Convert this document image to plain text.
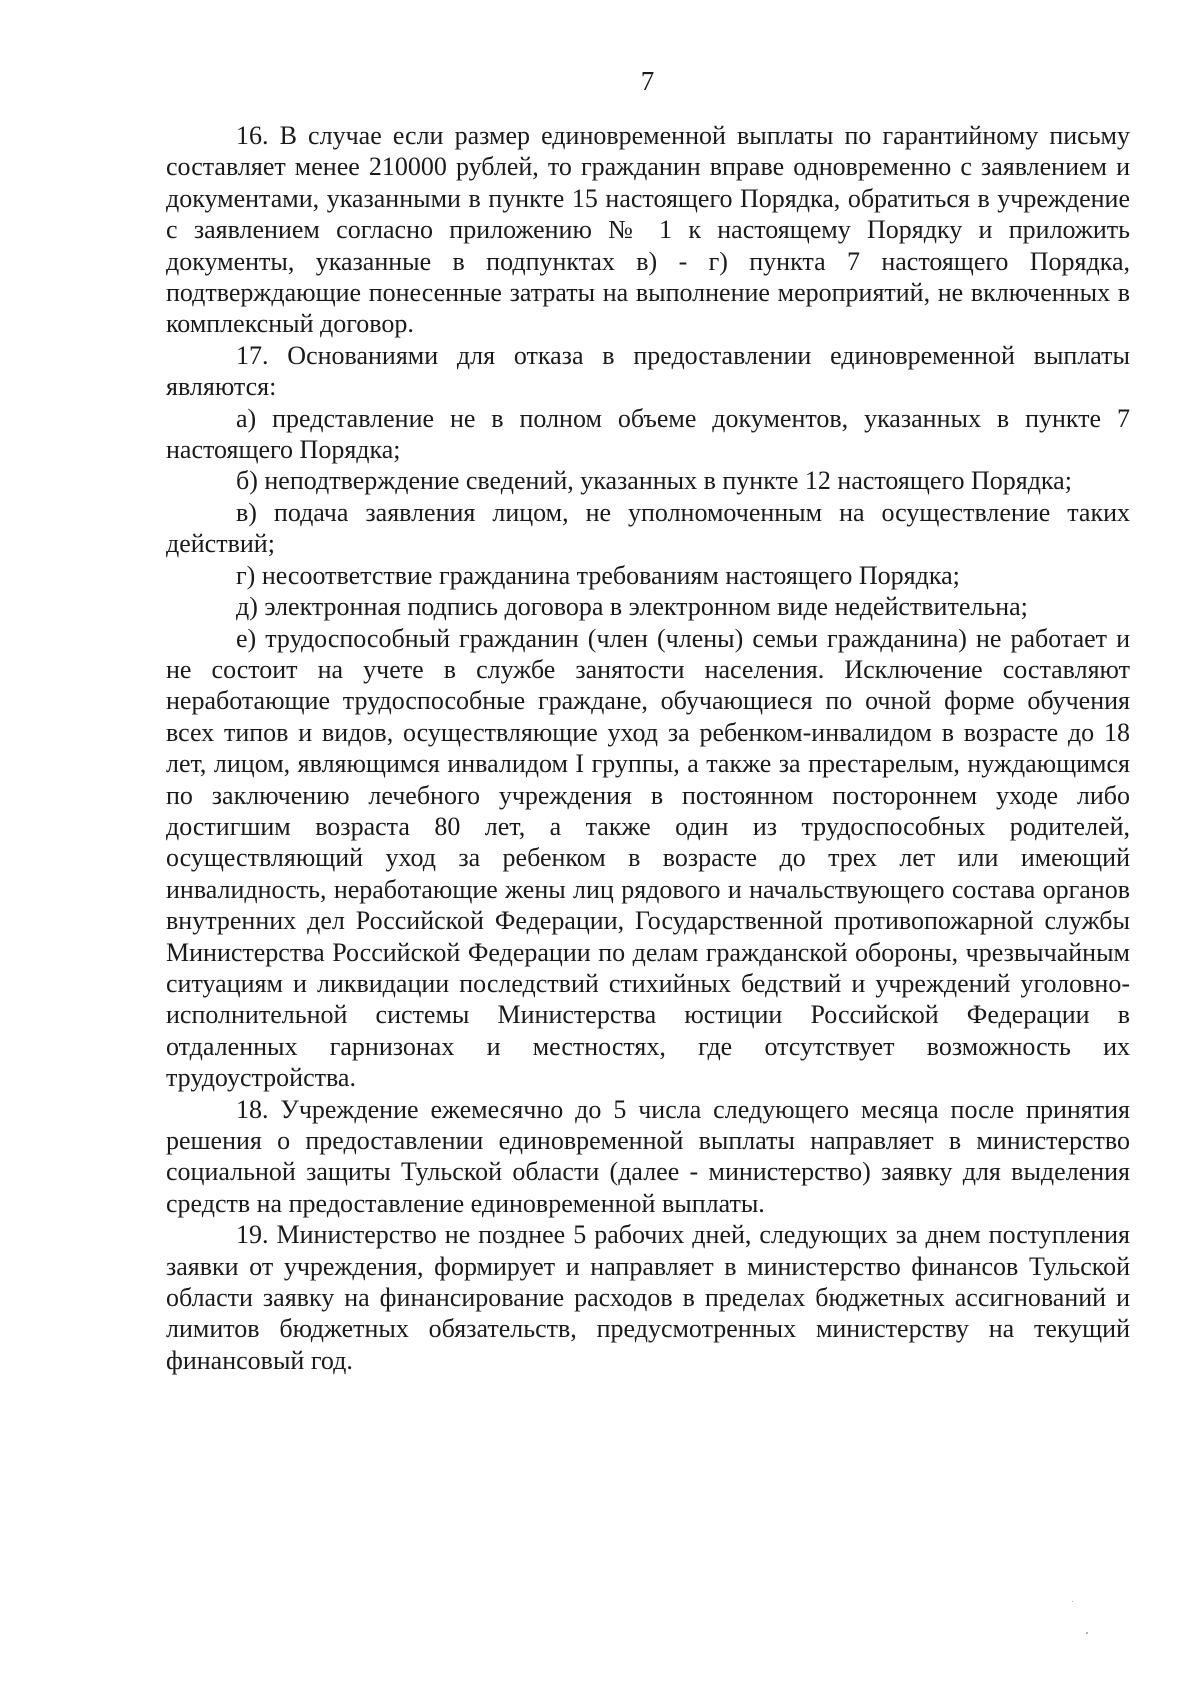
7

16. В случае если размер единовременной выплаты по гарантийному письму составляет менее 210000 рублей, то гражданин вправе одновременно с заявлением и документами, указанными в пункте 15 настоящего Порядка, обратиться в учреждение с заявлением согласно приложению № 1 к настоящему Порядку и приложить документы, указанные в подпунктах в) - г) пункта 7 настоящего Порядка, подтверждающие понесенные затраты на выполнение мероприятий, не включенных в комплексный договор.

17. Основаниями для отказа в предоставлении единовременной выплаты являются:

а) представление не в полном объеме документов, указанных в пункте 7 настоящего Порядка;

б) неподтверждение сведений, указанных в пункте 12 настоящего Порядка;

в) подача заявления лицом, не уполномоченным на осуществление таких действий;

г) несоответствие гражданина требованиям настоящего Порядка;

д) электронная подпись договора в электронном виде недействительна;

е) трудоспособный гражданин (член (члены) семьи гражданина) не работает и не состоит на учете в службе занятости населения. Исключение составляют неработающие трудоспособные граждане, обучающиеся по очной форме обучения всех типов и видов, осуществляющие уход за ребенком-инвалидом в возрасте до 18 лет, лицом, являющимся инвалидом I группы, а также за престарелым, нуждающимся по заключению лечебного учреждения в постоянном постороннем уходе либо достигшим возраста 80 лет, а также один из трудоспособных родителей, осуществляющий уход за ребенком в возрасте до трех лет или имеющий инвалидность, неработающие жены лиц рядового и начальствующего состава органов внутренних дел Российской Федерации, Государственной противопожарной службы Министерства Российской Федерации по делам гражданской обороны, чрезвычайным ситуациям и ликвидации последствий стихийных бедствий и учреждений уголовно-исполнительной системы Министерства юстиции Российской Федерации в отдаленных гарнизонах и местностях, где отсутствует возможность их трудоустройства.

18. Учреждение ежемесячно до 5 числа следующего месяца после принятия решения о предоставлении единовременной выплаты направляет в министерство социальной защиты Тульской области (далее - министерство) заявку для выделения средств на предоставление единовременной выплаты.

19. Министерство не позднее 5 рабочих дней, следующих за днем поступления заявки от учреждения, формирует и направляет в министерство финансов Тульской области заявку на финансирование расходов в пределах бюджетных ассигнований и лимитов бюджетных обязательств, предусмотренных министерству на текущий финансовый год.
